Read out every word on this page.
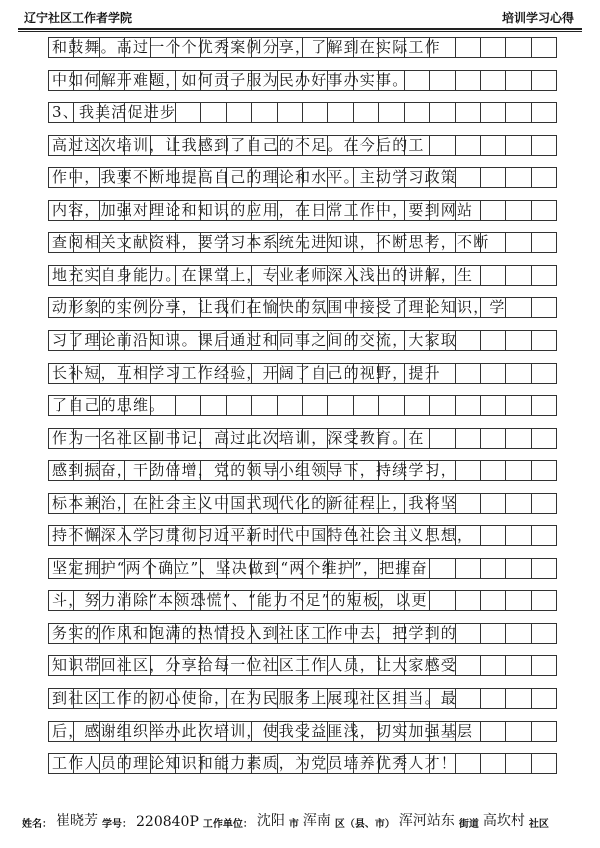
辽宁社区工作者学院	培训学习心得
和鼓舞。高过一个个优秀案例分享，了解到在实际工作
中如何解开难题，如何贡子服为民办好事办实事。
3、我美活促进步
高过这次培训，让我感到了自己的不足。在今后的工
作中，我要不断地提高自己的理论和水平。主动学习政策
内容，加强对理论和知识的应用，在日常工作中，要到网站
查阅相关文献资料，要学习本系统先进知识，不断思考，不断
地充实自身能力。在课堂上，专业老师深入浅出的讲解，生
动形象的实例分享，让我们在愉快的氛围中接受了理论知识，学
习了理论前沿知识。课后通过和同事之间的交流，大家取
长补短，互相学习工作经验，开阔了自己的视野，提升
了自己的思维。
作为一名社区副书记，高过此次培训，深受教育。在
感到振奋，干劲倍增，党的领导小组领导下，持续学习，
标本兼治，在社会主义中国式现代化的新征程上，我将坚
持不懈深入学习贯彻习近平新时代中国特色社会主义思想，
坚定拥护“两个确立”、坚决做到“两个维护”，把握奋
斗，努力消除“本领恐慌”、“能力不足”的短板，以更
务实的作风和饱满的热情投入到社区工作中去，把学到的
知识带回社区，分享给每一位社区工作人员，让大家感受
到社区工作的初心使命，在为民服务上展现社区担当。最
后，感谢组织举办此次培训，使我受益匪浅，切实加强基层
工作人员的理论知识和能力素质，为党员培养优秀人才！
姓名： 崔晓芳 学号： 220840P 工作单位： 沈阳 市 浑南 区（县、市） 浑河站东 街道 高坎村 社区
